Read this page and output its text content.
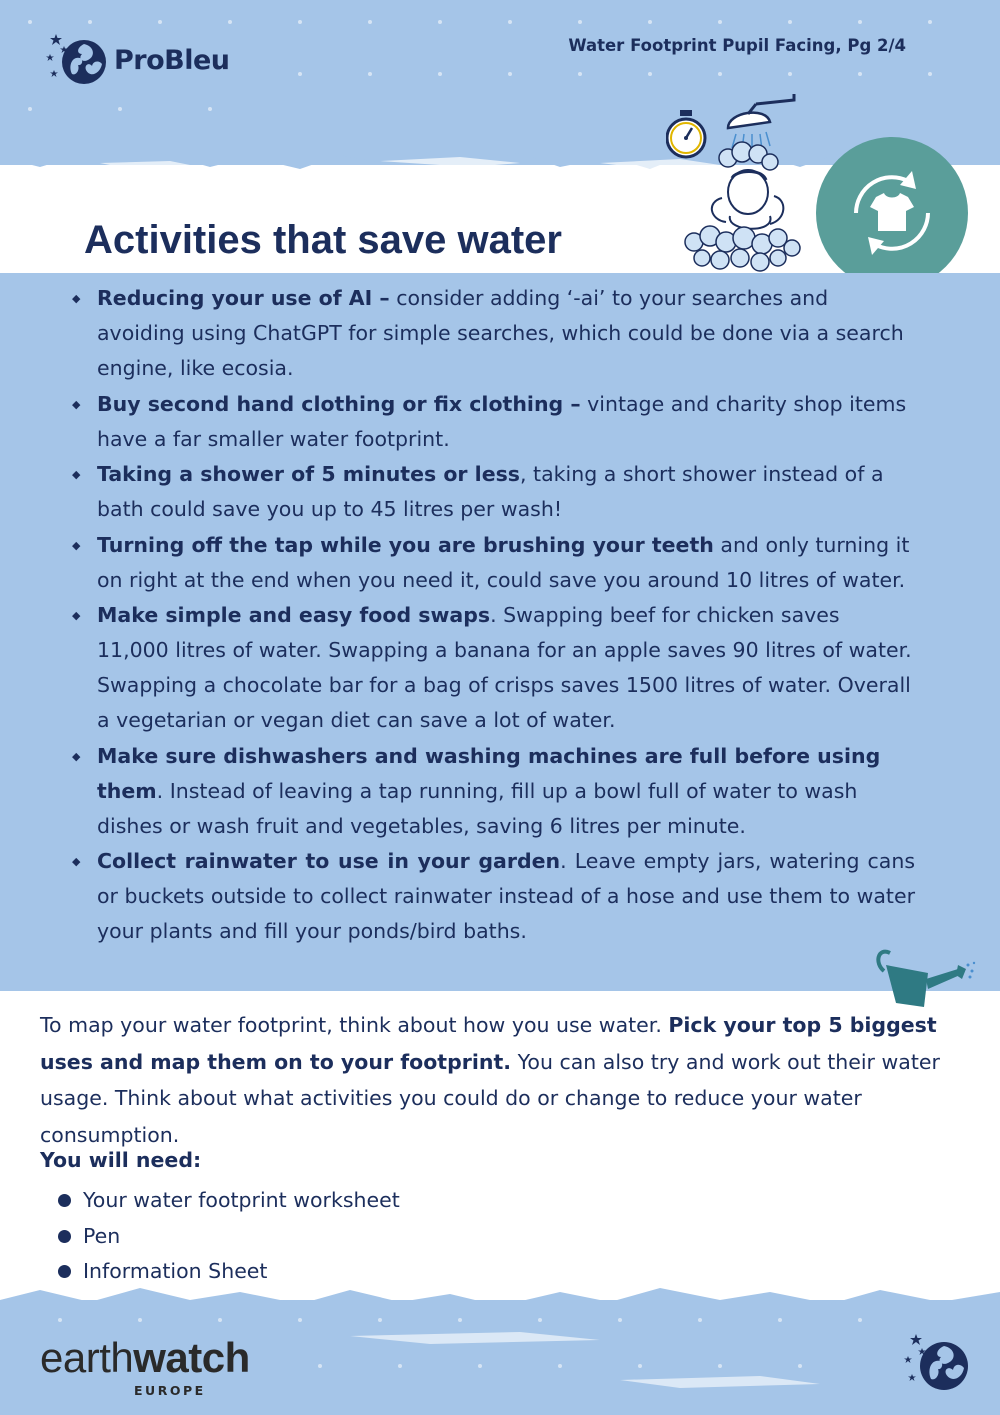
ProBleu	Water Footprint Pupil Facing, Pg 2/4
Activities that save water
◆ Reducing your use of AI – consider adding ‘-ai’ to your searches and avoiding using ChatGPT for simple searches, which could be done via a search engine, like ecosia.
◆ Buy second hand clothing or fix clothing – vintage and charity shop items have a far smaller water footprint.
◆ Taking a shower of 5 minutes or less, taking a short shower instead of a bath could save you up to 45 litres per wash!
◆ Turning off the tap while you are brushing your teeth and only turning it on right at the end when you need it, could save you around 10 litres of water.
◆ Make simple and easy food swaps. Swapping beef for chicken saves 11,000 litres of water. Swapping a banana for an apple saves 90 litres of water. Swapping a chocolate bar for a bag of crisps saves 1500 litres of water. Overall a vegetarian or vegan diet can save a lot of water.
◆ Make sure dishwashers and washing machines are full before using them. Instead of leaving a tap running, fill up a bowl full of water to wash dishes or wash fruit and vegetables, saving 6 litres per minute.
◆ Collect rainwater to use in your garden. Leave empty jars, watering cans or buckets outside to collect rainwater instead of a hose and use them to water your plants and fill your ponds/bird baths.

To map your water footprint, think about how you use water. Pick your top 5 biggest uses and map them on to your footprint. You can also try and work out their water usage. Think about what activities you could do or change to reduce your water consumption.

You will need:
Your water footprint worksheet
Pen
Information Sheet
earthwatch
EUROPE
